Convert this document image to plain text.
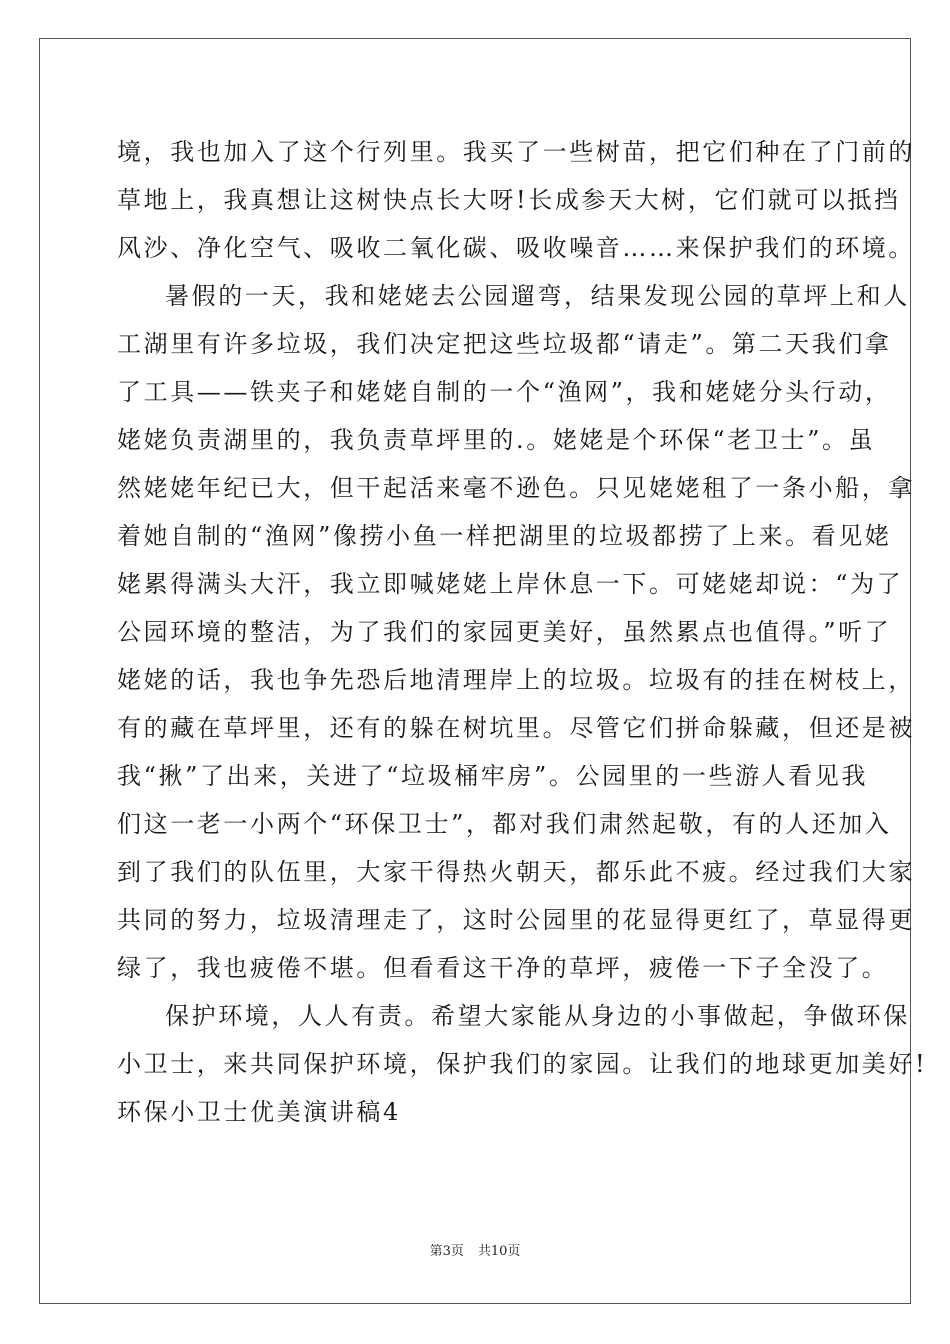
境，我也加入了这个行列里。我买了一些树苗，把它们种在了门前的
草地上，我真想让这树快点长大呀!长成参天大树，它们就可以抵挡
风沙、净化空气、吸收二氧化碳、吸收噪音……来保护我们的环境。
暑假的一天，我和姥姥去公园遛弯，结果发现公园的草坪上和人
工湖里有许多垃圾，我们决定把这些垃圾都“请走”。第二天我们拿
了工具——铁夹子和姥姥自制的一个“渔网”，我和姥姥分头行动，
姥姥负责湖里的，我负责草坪里的.。姥姥是个环保“老卫士”。虽
然姥姥年纪已大，但干起活来毫不逊色。只见姥姥租了一条小船，拿
着她自制的“渔网”像捞小鱼一样把湖里的垃圾都捞了上来。看见姥
姥累得满头大汗，我立即喊姥姥上岸休息一下。可姥姥却说：“为了
公园环境的整洁，为了我们的家园更美好，虽然累点也值得。”听了
姥姥的话，我也争先恐后地清理岸上的垃圾。垃圾有的挂在树枝上，
有的藏在草坪里，还有的躲在树坑里。尽管它们拼命躲藏，但还是被
我“揪”了出来，关进了“垃圾桶牢房”。公园里的一些游人看见我
们这一老一小两个“环保卫士”，都对我们肃然起敬，有的人还加入
到了我们的队伍里，大家干得热火朝天，都乐此不疲。经过我们大家
共同的努力，垃圾清理走了，这时公园里的花显得更红了，草显得更
绿了，我也疲倦不堪。但看看这干净的草坪，疲倦一下子全没了。
保护环境，人人有责。希望大家能从身边的小事做起，争做环保
小卫士，来共同保护环境，保护我们的家园。让我们的地球更加美好!
环保小卫士优美演讲稿4
第3页 共10页
